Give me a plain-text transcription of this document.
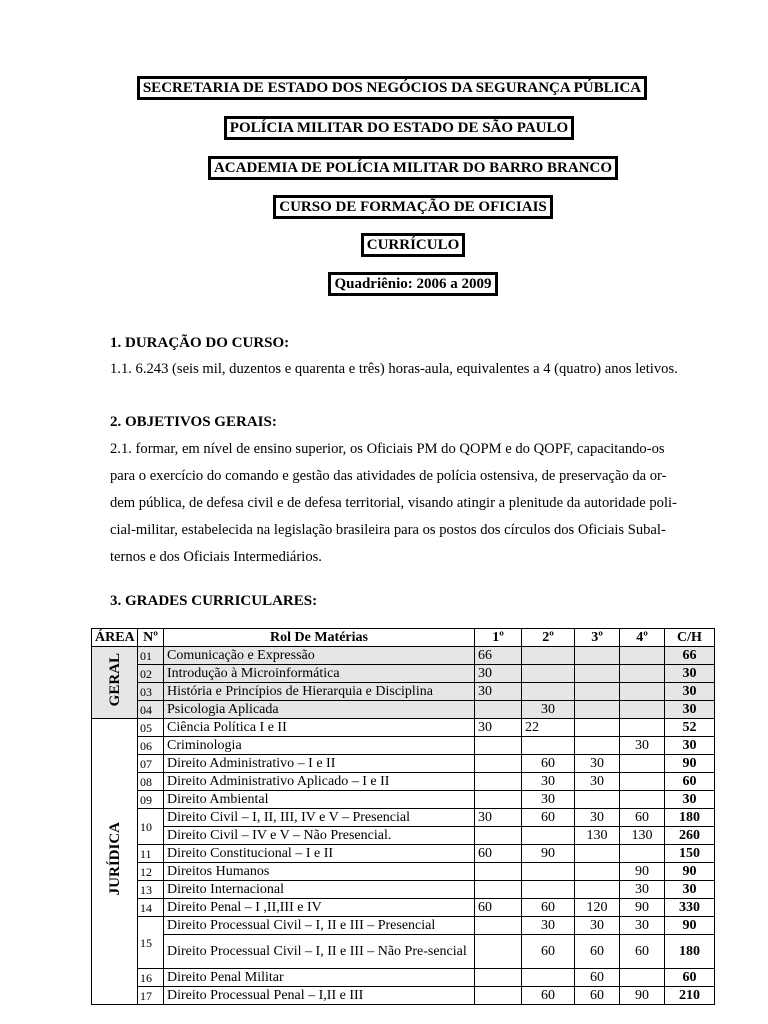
SECRETARIA DE ESTADO DOS NEGÓCIOS DA SEGURANÇA PÚBLICA
POLÍCIA MILITAR DO ESTADO DE SÃO PAULO
ACADEMIA DE POLÍCIA MILITAR DO BARRO BRANCO
CURSO DE FORMAÇÃO DE OFICIAIS
CURRÍCULO
Quadriênio: 2006 a 2009
1. DURAÇÃO DO CURSO:
1.1. 6.243 (seis mil, duzentos e quarenta e três) horas-aula, equivalentes a 4 (quatro) anos letivos.
2. OBJETIVOS GERAIS:
2.1. formar, em nível de ensino superior, os Oficiais PM do QOPM e do QOPF, capacitando-os
para o exercício do comando e gestão das atividades de polícia ostensiva, de preservação da or-
dem pública, de defesa civil e de defesa territorial, visando atingir a plenitude da autoridade poli-
cial-militar, estabelecida na legislação brasileira para os postos dos círculos dos Oficiais Subal-
ternos e dos Oficiais Intermediários.
3. GRADES CURRICULARES:
ÁREA	Nº	Rol De Matérias	1º	2º	3º	4º	C/H
GERAL	01	Comunicação e Expressão	66				66
	02	Introdução à Microinformática	30				30
	03	História e Princípios de Hierarquia e Disciplina	30				30
	04	Psicologia Aplicada		30			30
JURÍDICA	05	Ciência Política I e II	30	22			52
	06	Criminologia				30	30
	07	Direito Administrativo – I e II		60	30		90
	08	Direito Administrativo Aplicado – I e II		30	30		60
	09	Direito Ambiental		30			30
	10	Direito Civil – I, II, III, IV e V – Presencial	30	60	30	60	180
		Direito Civil – IV e V – Não Presencial.			130	130	260
	11	Direito Constitucional – I e II	60	90			150
	12	Direitos Humanos				90	90
	13	Direito Internacional				30	30
	14	Direito Penal – I ,II,III e IV	60	60	120	90	330
	15	Direito Processual Civil – I, II e III – Presencial		30	30	30	90
		Direito Processual Civil – I, II e III – Não Pre-sencial		60	60	60	180
	16	Direito Penal Militar			60		60
	17	Direito Processual Penal – I,II e III		60	60	90	210
